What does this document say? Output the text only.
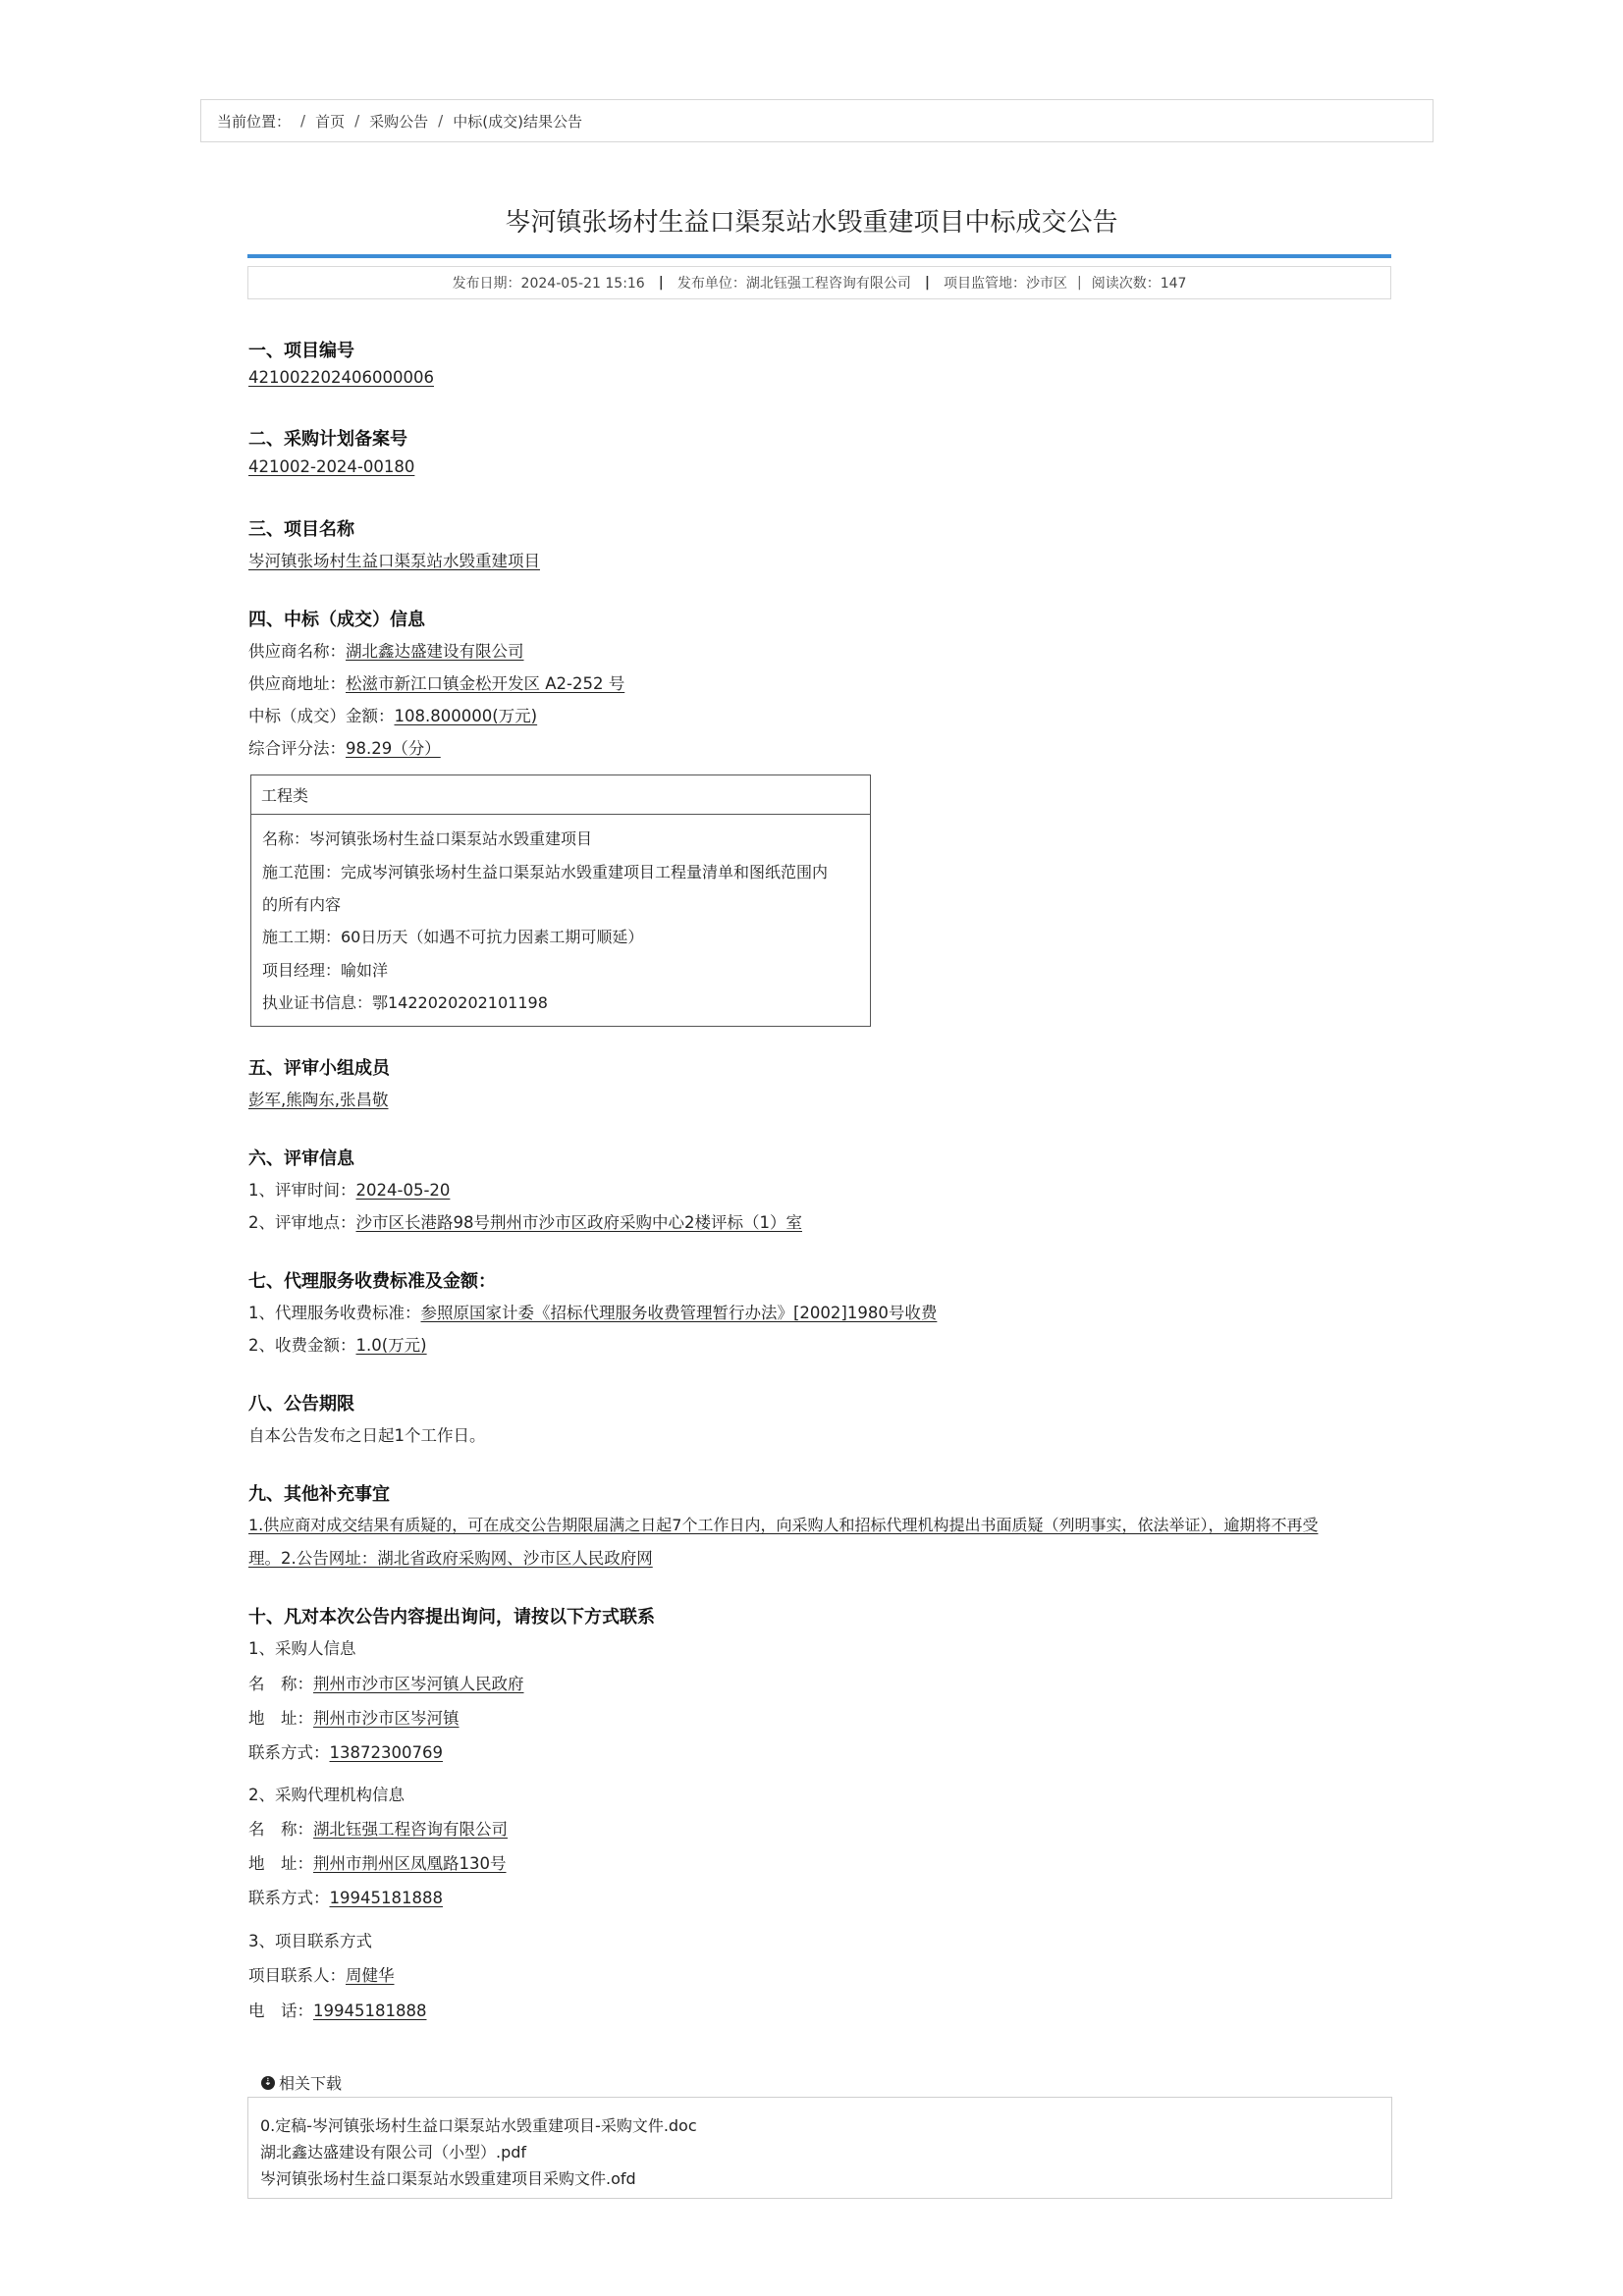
当前位置： / 首页 / 采购公告 / 中标(成交)结果公告
岑河镇张场村生益口渠泵站水毁重建项目中标成交公告
发布日期：2024-05-21 15:16 | 发布单位：湖北钰强工程咨询有限公司 | 项目监管地：沙市区 | 阅读次数：147
一、项目编号
421002202406000006
二、采购计划备案号
421002-2024-00180
三、项目名称
岑河镇张场村生益口渠泵站水毁重建项目
四、中标（成交）信息
供应商名称：湖北鑫达盛建设有限公司
供应商地址：松滋市新江口镇金松开发区 A2-252 号
中标（成交）金额：108.800000(万元)
综合评分法：98.29（分）
工程类
名称：岑河镇张场村生益口渠泵站水毁重建项目
施工范围：完成岑河镇张场村生益口渠泵站水毁重建项目工程量清单和图纸范围内
的所有内容
施工工期：60日历天（如遇不可抗力因素工期可顺延）
项目经理：喻如洋
执业证书信息：鄂1422020202101198
五、评审小组成员
彭军,熊陶东,张昌敬
六、评审信息
1、评审时间：2024-05-20
2、评审地点：沙市区长港路98号荆州市沙市区政府采购中心2楼评标（1）室
七、代理服务收费标准及金额：
1、代理服务收费标准：参照原国家计委《招标代理服务收费管理暂行办法》[2002]1980号收费
2、收费金额：1.0(万元)
八、公告期限
自本公告发布之日起1个工作日。
九、其他补充事宜
1.供应商对成交结果有质疑的，可在成交公告期限届满之日起7个工作日内，向采购人和招标代理机构提出书面质疑（列明事实，依法举证），逾期将不再受
理。2.公告网址：湖北省政府采购网、沙市区人民政府网
十、凡对本次公告内容提出询问，请按以下方式联系
1、采购人信息
名　称：荆州市沙市区岑河镇人民政府
地　址：荆州市沙市区岑河镇
联系方式：13872300769
2、采购代理机构信息
名　称：湖北钰强工程咨询有限公司
地　址：荆州市荆州区凤凰路130号
联系方式：19945181888
3、项目联系方式
项目联系人：周健华
电　话：19945181888
⇣ 相关下载
0.定稿-岑河镇张场村生益口渠泵站水毁重建项目-采购文件.doc
湖北鑫达盛建设有限公司（小型）.pdf
岑河镇张场村生益口渠泵站水毁重建项目采购文件.ofd
